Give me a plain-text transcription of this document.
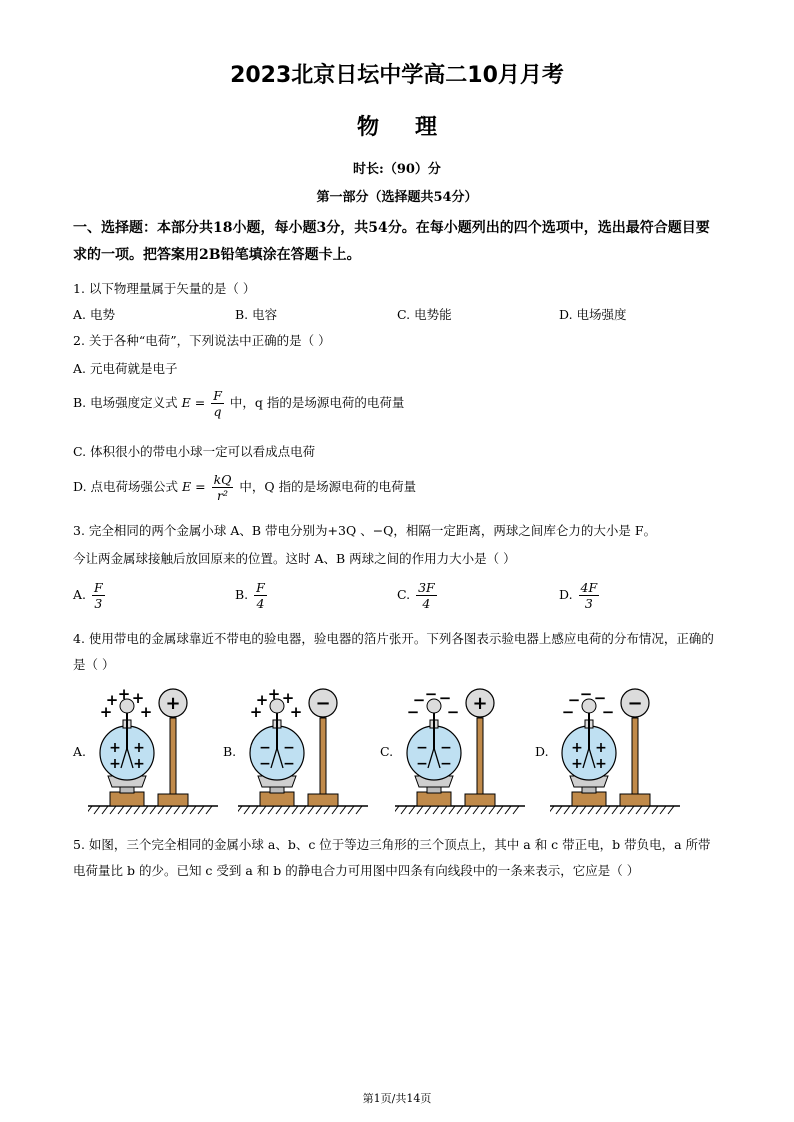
2023北京日坛中学高二10月月考
物理
时长:（90）分
第一部分（选择题共54分）
一、选择题：本部分共18小题，每小题3分，共54分。在每小题列出的四个选项中，选出最符合题目要求的一项。把答案用2B铅笔填涂在答题卡上。
1. 以下物理量属于矢量的是（ ）
A. 电势	B. 电容	C. 电势能	D. 电场强度
2. 关于各种“电荷”，下列说法中正确的是（ ）
A. 元电荷就是电子
B. 电场强度定义式 $E = \frac{F}{q}$ 中，q 指的是场源电荷的电荷量
C. 体积很小的带电小球一定可以看成点电荷
D. 点电荷场强公式 $E = \frac{kQ}{\text{r²}}$ 中，Q 指的是场源电荷的电荷量
3. 完全相同的两个金属小球 A、B 带电分别为+3Q 、−Q，相隔一定距离，两球之间库仑力的大小是 F。
今让两金属球接触后放回原来的位置。这时 A、B 两球之间的作用力大小是（ ）
A. $\frac{F}{3}$	B. $\frac{F}{4}$	C. $\frac{3F}{4}$	D. $\frac{4F}{3}$
4. 使用带电的金属球靠近不带电的验电器，验电器的箔片张开。下列各图表示验电器上感应电荷的分布情况，正确的是（ ）
A.	B.	C.	D.
+ + +
+ +
+
+
+
+
+	+ + +
+ +
−
−
−
−
−	− − −
− −
−
−
−
−
+	− − −
− −
+
+
+
+
−
5. 如图，三个完全相同的金属小球 a、b、c 位于等边三角形的三个顶点上，其中 a 和 c 带正电，b 带负电，a 所带电荷量比 b 的少。已知 c 受到 a 和 b 的静电合力可用图中四条有向线段中的一条来表示，它应是（ ）
第1页/共14页
